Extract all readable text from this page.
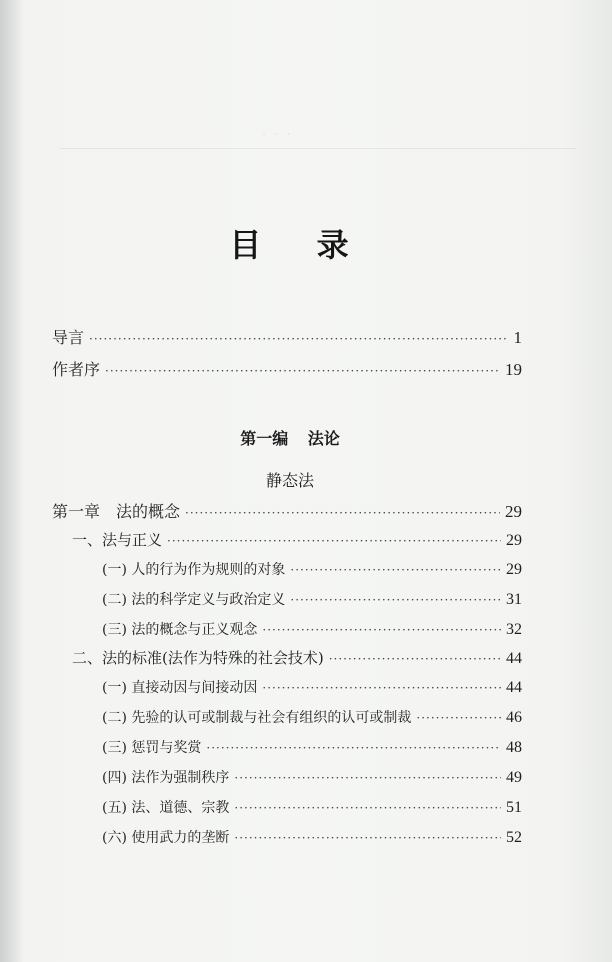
· · ·
目 录
导言 ·····	1
作者序 ·····	19
第一编 法论
静态法
第一章　法的概念 ·····	29
一、法与正义 ·····	29
(一) 人的行为作为规则的对象 ·····	29
(二) 法的科学定义与政治定义 ·····	31
(三) 法的概念与正义观念 ·····	32
二、法的标准(法作为特殊的社会技术) ·····	44
(一) 直接动因与间接动因 ·····	44
(二) 先验的认可或制裁与社会有组织的认可或制裁 ·····	46
(三) 惩罚与奖赏 ·····	48
(四) 法作为强制秩序 ·····	49
(五) 法、道德、宗教 ·····	51
(六) 使用武力的垄断 ·····	52
